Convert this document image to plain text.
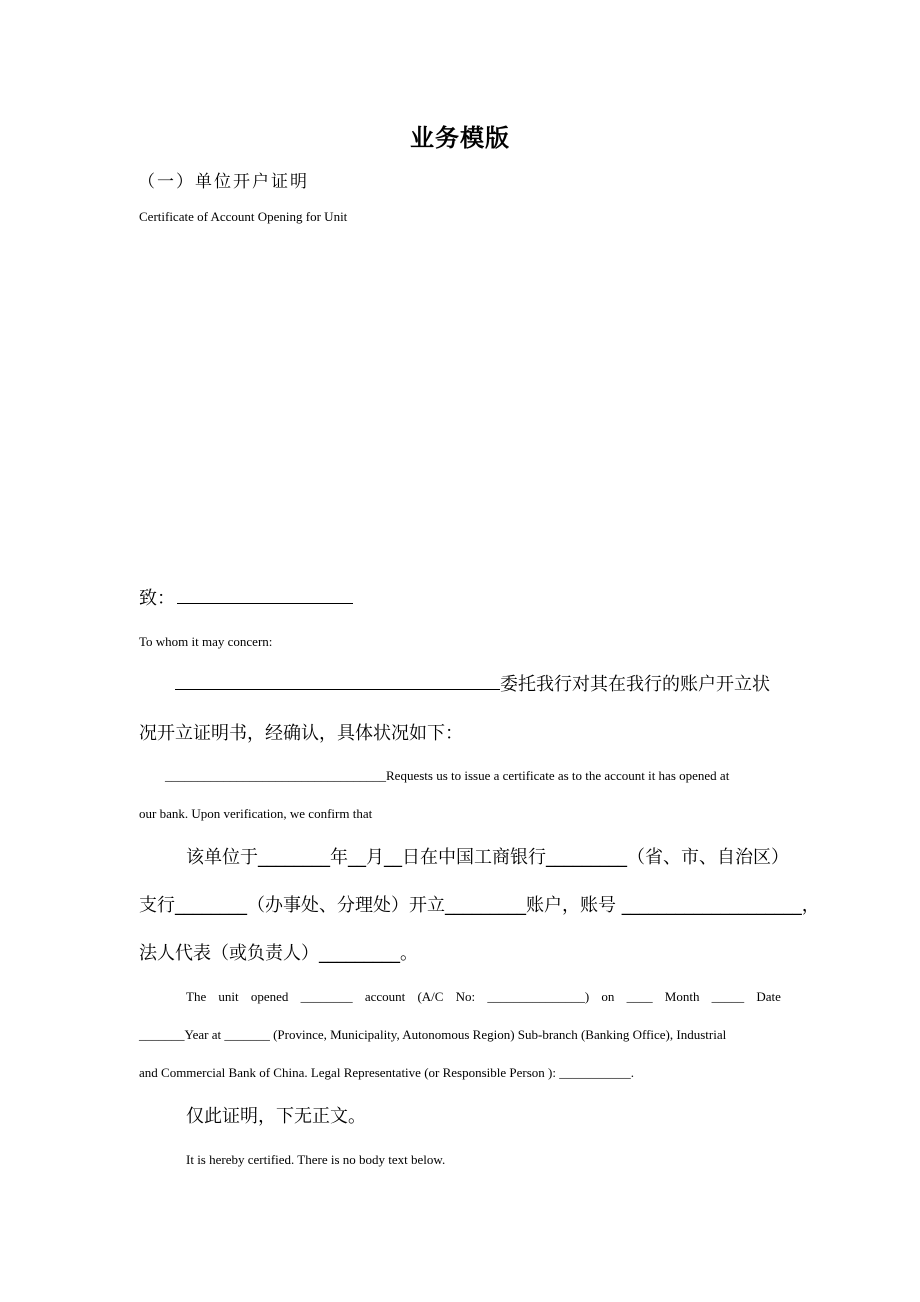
业务模版
（一）单位开户证明
Certificate of Account Opening for Unit
致：
To whom it may concern:
委托我行对其在我行的账户开立状
况开立证明书，经确认，具体状况如下：
__________________________________Requests us to issue a certificate as to the account it has opened at
our bank. Upon verification, we confirm that
该单位于________年__月__日在中国工商银行_________（省、市、自治区）
支行________（办事处、分理处）开立_________账户，账号 ____________________，
法人代表（或负责人）_________。
The unit opened ________ account (A/C No: _______________) on ____ Month _____ Date
_______Year at _______ (Province, Municipality, Autonomous Region) Sub-branch (Banking Office), Industrial
and Commercial Bank of China. Legal Representative (or Responsible Person ): ___________.
仅此证明，下无正文。
It is hereby certified. There is no body text below.
